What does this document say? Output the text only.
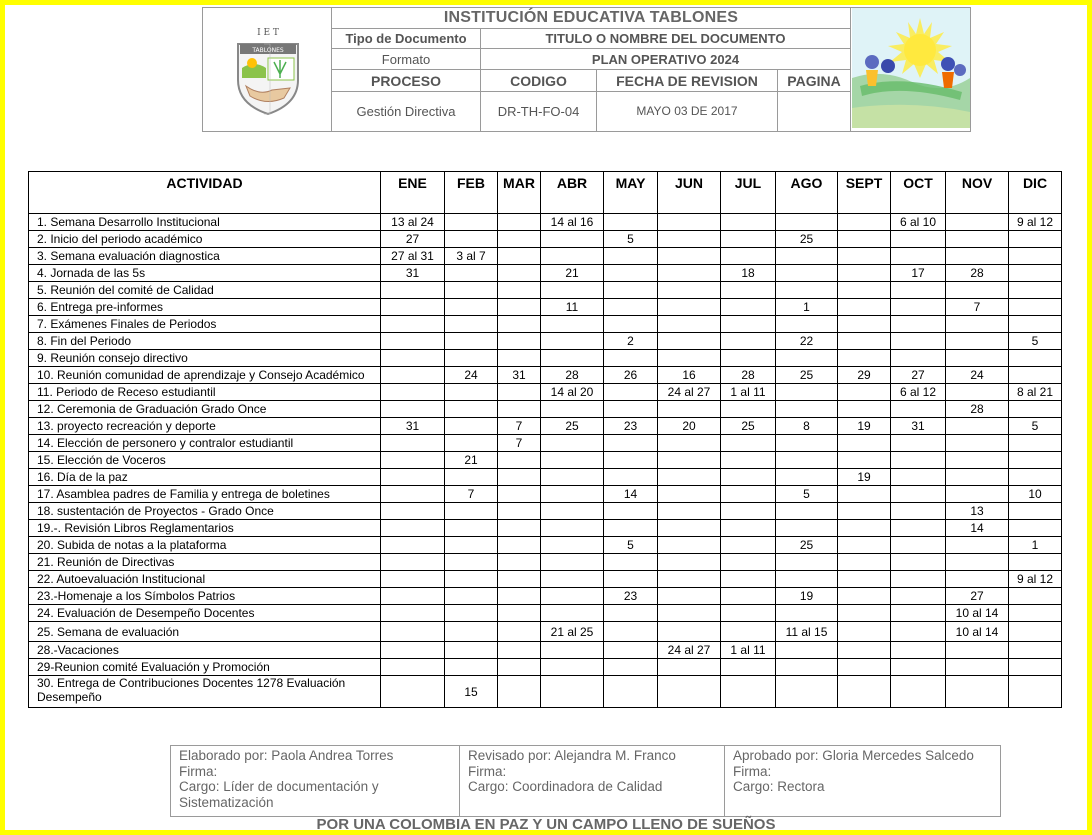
I E T
TABLONES	INSTITUCIÓN EDUCATIVA TABLONES	
	Tipo de Documento	TITULO O NOMBRE DEL DOCUMENTO			
	Formato	PLAN OPERATIVO 2024			
	PROCESO	CODIGO	FECHA DE REVISION	PAGINA	
	Gestión Directiva	DR-TH-FO-04	MAYO 03 DE 2017		
ACTIVIDAD	ENE	FEB	MAR	ABR	MAY	JUN	JUL	AGO	SEPT	OCT	NOV	DIC
1. Semana Desarrollo Institucional	13 al 24			14 al 16						6 al 10		9 al 12
2. Inicio del periodo académico	27				5			25				
3. Semana evaluación diagnostica	27 al 31	3 al 7										
4. Jornada de las 5s	31			21			18			17	28	
5. Reunión del comité de Calidad												
6. Entrega pre-informes				11				1			7	
7. Exámenes Finales de Periodos												
8. Fin del Periodo					2			22				5
9. Reunión consejo directivo												
10. Reunión comunidad de aprendizaje y Consejo Académico		24	31	28	26	16	28	25	29	27	24	
11. Periodo de Receso estudiantil				14 al 20		24 al 27	1 al 11			6 al 12		8 al 21
12. Ceremonia de Graduación Grado Once											28	
13. proyecto recreación y deporte	31		7	25	23	20	25	8	19	31		5
14. Elección de personero y contralor estudiantil			7									
15. Elección de Voceros		21										
16. Día de la paz									19			
17. Asamblea padres de Familia y entrega de boletines		7			14			5				10
18. sustentación de Proyectos - Grado Once											13	
19.-. Revisión Libros Reglamentarios											14	
20. Subida de notas a la plataforma					5			25				1
21. Reunión de Directivas												
22. Autoevaluación Institucional												9 al 12
23.-Homenaje a los Símbolos Patrios					23			19			27	
24. Evaluación de Desempeño Docentes											10 al 14	
25. Semana de evaluación				21 al 25				11 al 15			10 al 14	
28.-Vacaciones						24 al 27	1 al 11					
29-Reunion comité Evaluación y Promoción												
30. Entrega de Contribuciones Docentes 1278 Evaluación Desempeño		15										
Elaborado por: Paola Andrea Torres
Firma:
Cargo: Líder de documentación y Sistematización

Revisado por: Alejandra M. Franco
Firma:
Cargo: Coordinadora de Calidad

Aprobado por: Gloria Mercedes Salcedo
Firma:
Cargo: Rectora
POR UNA COLOMBIA EN PAZ Y UN CAMPO LLENO DE SUEÑOS
